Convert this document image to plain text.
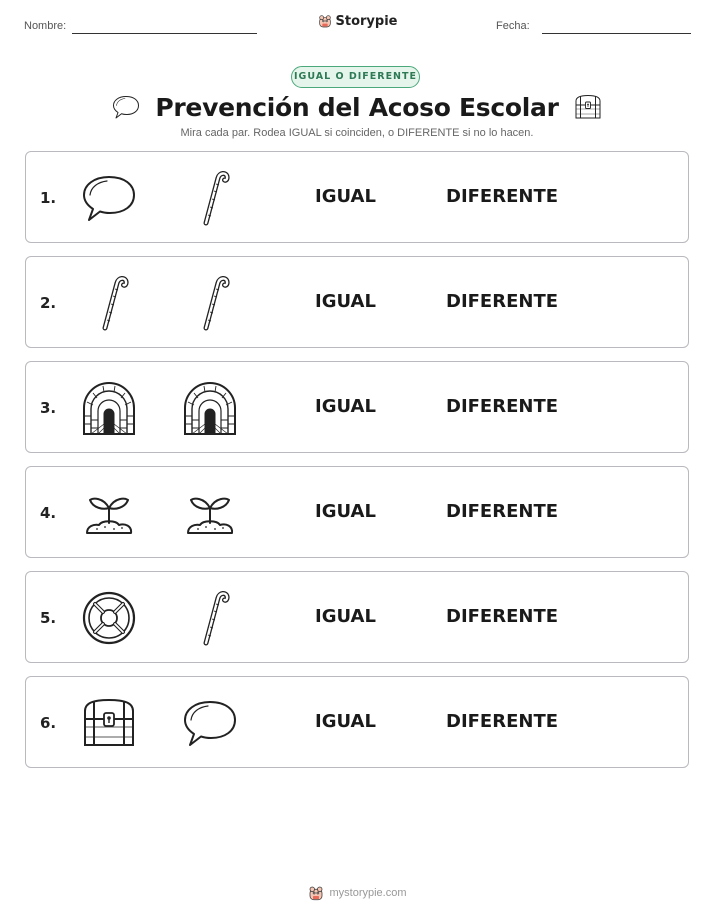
Nombre:	Storypie	Fecha:
IGUAL O DIFERENTE
Prevención del Acoso Escolar
Mira cada par. Rodea IGUAL si coinciden, o DIFERENTE si no lo hacen.
1.	IGUAL	DIFERENTE
2.	IGUAL	DIFERENTE
3.	IGUAL	DIFERENTE
4.	IGUAL	DIFERENTE
5.	IGUAL	DIFERENTE
6.	IGUAL	DIFERENTE
mystorypie.com
